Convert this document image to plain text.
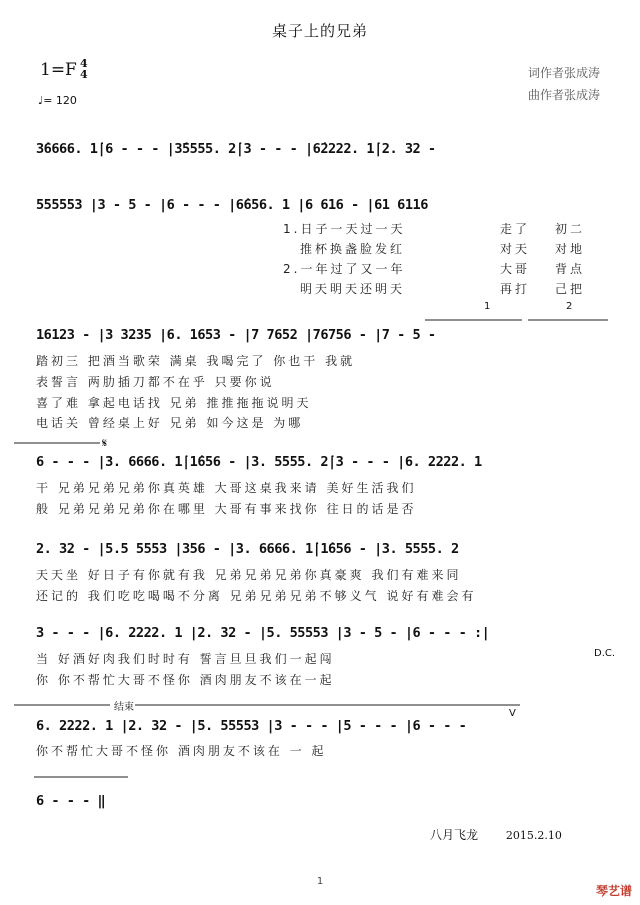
桌子上的兄弟
1=F 4
4
♩= 120
词作者张成涛
曲作者张成涛
3̇6666. 1̇|6 - - - |3̇5555. 2̇|3 - - - |6̇2222. 1̇|2. 32 -
555553 |3 - 5 - |6 - - - |6̇656. 1 |6 616 - |61 6116
1.日子一天过一天	走了 初二
推杯换盏脸发红	对天 对地
2.一年过了又一年	大哥 背点
明天明天还明天	再打 己把
1	2
16123 - |3 3235 |6. 1653 - |7 7652 |76756 - |7 - 5 -
踏初三 把酒当歌荣 满桌 我喝完了 你也干 我就
表誓言 两肋插刀都不在乎 只要你说
喜了难 拿起电话找 兄弟 推推拖拖说明天
电话关 曾经桌上好 兄弟 如今这是 为哪
𝄋
6 - - - |3. 6666. 1̇|1̇656 - |3. 5555. 2̇|3 - - - |6. 2222. 1
干 兄弟兄弟兄弟你真英雄 大哥这桌我来请 美好生活我们
般 兄弟兄弟兄弟你在哪里 大哥有事来找你 往日的话是否
2. 32 - |5.5 5553 |356 - |3. 6666. 1̇|1̇656 - |3. 5555. 2
天天坐 好日子有你就有我 兄弟兄弟兄弟你真豪爽 我们有难来同
还记的 我们吃吃喝喝不分离 兄弟兄弟兄弟不够义气 说好有难会有
3 - - - |6. 2222. 1 |2. 32 - |5. 55553 |3 - 5 - |6 - - - :|
当 好酒好肉我们时时有 誓言旦旦我们一起闯
你 你不帮忙大哥不怪你 酒肉朋友不该在一起
D.C.
结束
V
6. 2222. 1 |2. 32 - |5. 55553 |3 - - - |5 - - - |6 - - -
你不帮忙大哥不怪你 酒肉朋友不该在 一 起
6 - - - ‖
八月飞龙	2015.2.10
1
琴艺谱
